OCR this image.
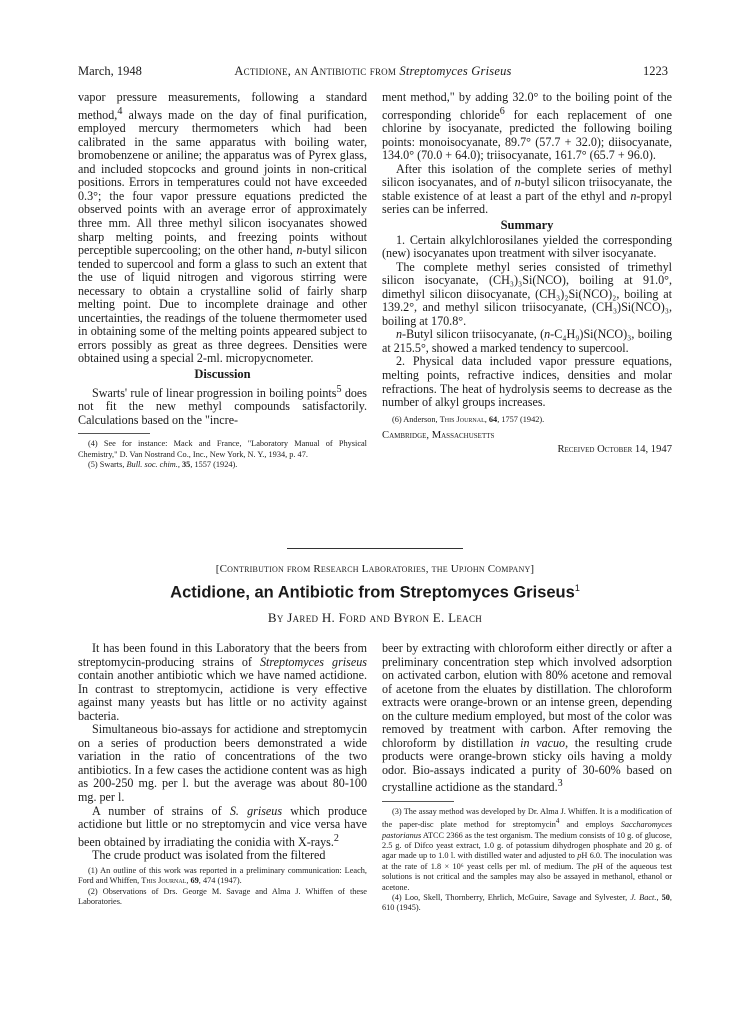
March, 1948	Actidione, an Antibiotic from Streptomyces Griseus	1223

vapor pressure measurements, following a standard method,$^4$ always made on the day of final purification, employed mercury thermometers which had been calibrated in the same apparatus with boiling water, bromobenzene or aniline; the apparatus was of Pyrex glass, and included stopcocks and ground joints in non-critical positions. Errors in temperatures could not have exceeded 0.3°; the four vapor pressure equations predicted the observed points with an average error of approximately three mm. All three methyl silicon isocyanates showed sharp melting points, and freezing points without perceptible supercooling; on the other hand, n-butyl silicon tended to supercool and form a glass to such an extent that the use of liquid nitrogen and vigorous stirring were necessary to obtain a crystalline solid of fairly sharp melting point. Due to incomplete drainage and other uncertainties, the readings of the toluene thermometer used in obtaining some of the melting points appeared subject to errors possibly as great as three degrees. Densities were obtained using a special 2-ml. micropycnometer.

Discussion

Swarts' rule of linear progression in boiling points$^5$ does not fit the new methyl compounds satisfactorily. Calculations based on the "incre-

(4) See for instance: Mack and France, "Laboratory Manual of Physical Chemistry," D. Van Nostrand Co., Inc., New York, N. Y., 1934, p. 47.

(5) Swarts, Bull. soc. chim., 35, 1557 (1924).

ment method," by adding 32.0° to the boiling point of the corresponding chloride$^6$ for each replacement of one chlorine by isocyanate, predicted the following boiling points: monoisocyanate, 89.7° (57.7 + 32.0); diisocyanate, 134.0° (70.0 + 64.0); triisocyanate, 161.7° (65.7 + 96.0).

After this isolation of the complete series of methyl silicon isocyanates, and of n-butyl silicon triisocyanate, the stable existence of at least a part of the ethyl and n-propyl series can be inferred.

Summary

1. Certain alkylchlorosilanes yielded the corresponding (new) isocyanates upon treatment with silver isocyanate.

The complete methyl series consisted of trimethyl silicon isocyanate, (CH₃)₃Si(NCO), boiling at 91.0°, dimethyl silicon diisocyanate, (CH₃)₂Si(NCO)₂, boiling at 139.2°, and methyl silicon triisocyanate, (CH₃)Si(NCO)₃, boiling at 170.8°.

n-Butyl silicon triisocyanate, (n-C₄H₉)Si(NCO)₃, boiling at 215.5°, showed a marked tendency to supercool.

2. Physical data included vapor pressure equations, melting points, refractive indices, densities and molar refractions. The heat of hydrolysis seems to decrease as the number of alkyl groups increases.

(6) Anderson, This Journal, 64, 1757 (1942).

Cambridge, Massachusetts
Received October 14, 1947
[Contribution from Research Laboratories, the Upjohn Company]
Actidione, an Antibiotic from Streptomyces Griseus$^1$
By Jared H. Ford and Byron E. Leach

It has been found in this Laboratory that the beers from streptomycin-producing strains of Streptomyces griseus contain another antibiotic which we have named actidione. In contrast to streptomycin, actidione is very effective against many yeasts but has little or no activity against bacteria.

Simultaneous bio-assays for actidione and streptomycin on a series of production beers demonstrated a wide variation in the ratio of concentrations of the two antibiotics. In a few cases the actidione content was as high as 200-250 mg. per l. but the average was about 80-100 mg. per l.

A number of strains of S. griseus which produce actidione but little or no streptomycin and vice versa have been obtained by irradiating the conidia with X-rays.$^2$

The crude product was isolated from the filtered

(1) An outline of this work was reported in a preliminary communication: Leach, Ford and Whiffen, This Journal, 69, 474 (1947).

(2) Observations of Drs. George M. Savage and Alma J. Whiffen of these Laboratories.

beer by extracting with chloroform either directly or after a preliminary concentration step which involved adsorption on activated carbon, elution with 80% acetone and removal of acetone from the eluates by distillation. The chloroform extracts were orange-brown or an intense green, depending on the culture medium employed, but most of the color was removed by treatment with carbon. After removing the chloroform by distillation in vacuo, the resulting crude products were orange-brown sticky oils having a moldy odor. Bio-assays indicated a purity of 30-60% based on crystalline actidione as the standard.$^3$

(3) The assay method was developed by Dr. Alma J. Whiffen. It is a modification of the paper-disc plate method for streptomycin$^4$ and employs Saccharomyces pastorianus ATCC 2366 as the test organism. The medium consists of 10 g. of glucose, 2.5 g. of Difco yeast extract, 1.0 g. of potassium dihydrogen phosphate and 20 g. of agar made up to 1.0 l. with distilled water and adjusted to pH 6.0. The inoculation was at the rate of 1.8 × 10⁶ yeast cells per ml. of medium. The pH of the aqueous test solutions is not critical and the samples may also be assayed in methanol, ethanol or acetone.

(4) Loo, Skell, Thornberry, Ehrlich, McGuire, Savage and Sylvester, J. Bact., 50, 610 (1945).
